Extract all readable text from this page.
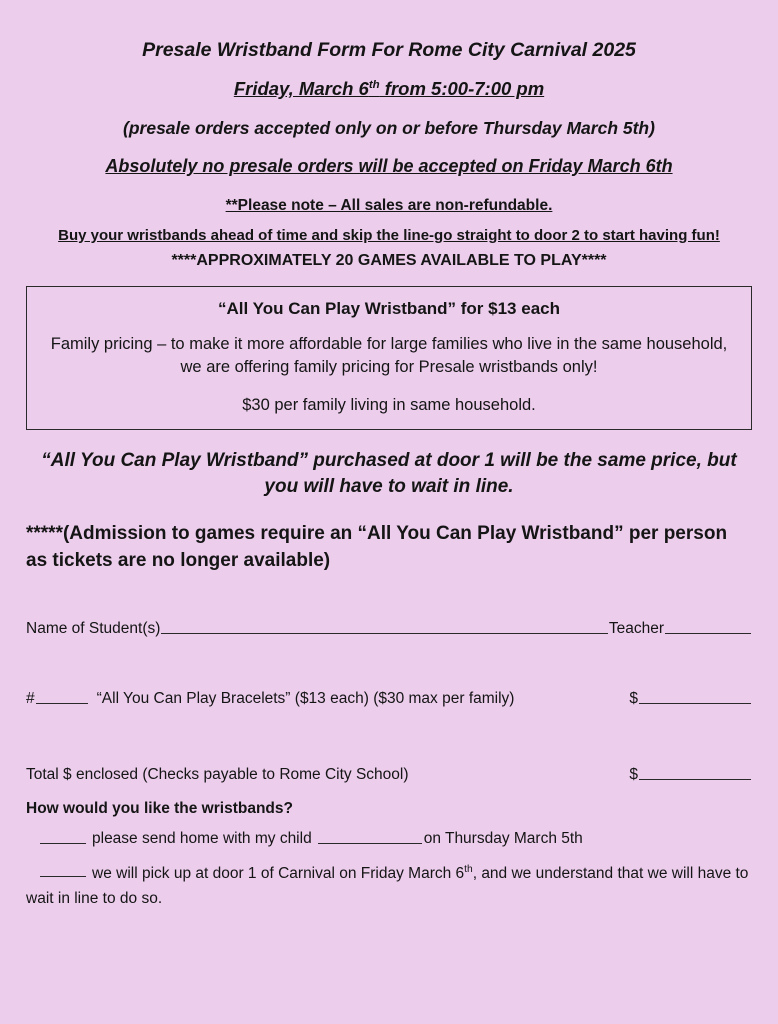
Presale Wristband Form For Rome City Carnival 2025
Friday, March 6th from 5:00-7:00 pm
(presale orders accepted only on or before Thursday March 5th)
Absolutely no presale orders will be accepted on Friday March 6th
**Please note – All sales are non-refundable.
Buy your wristbands ahead of time and skip the line-go straight to door 2 to start having fun!
****APPROXIMATELY 20 GAMES AVAILABLE TO PLAY****
“All You Can Play Wristband” for $13 each
Family pricing – to make it more affordable for large families who live in the same household, we are offering family pricing for Presale wristbands only!
$30 per family living in same household.
“All You Can Play Wristband” purchased at door 1 will be the same price, but you will have to wait in line.
*****(Admission to games require an “All You Can Play Wristband” per person as tickets are no longer available)
Name of Student(s)	Teacher
#	“All You Can Play Bracelets” ($13 each) ($30 max per family)	$
Total $ enclosed (Checks payable to Rome City School)	$
How would you like the wristbands?
please send home with my child	on Thursday March 5th
we will pick up at door 1 of Carnival on Friday March 6th, and we understand that we will have to wait in line to do so.
